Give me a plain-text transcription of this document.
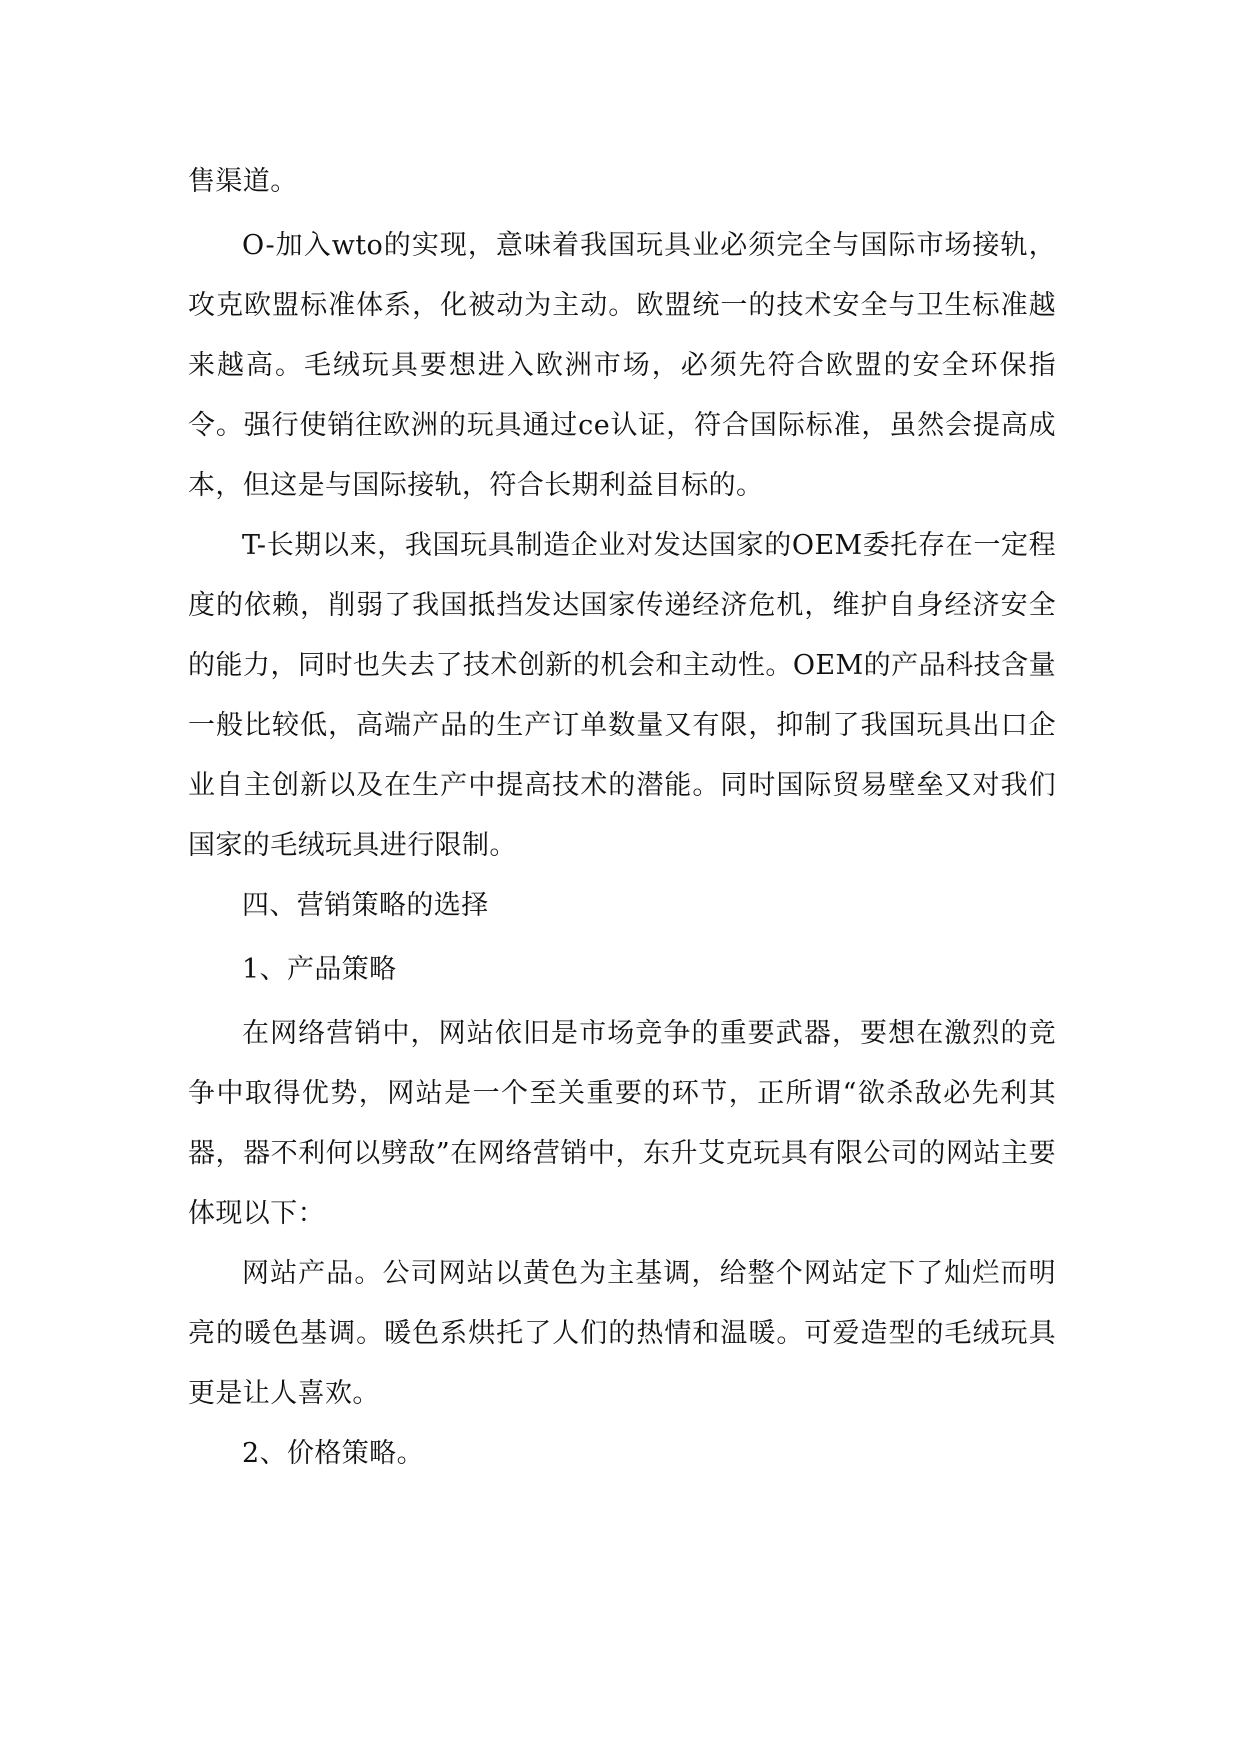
售渠道。

O-加入wto的实现，意味着我国玩具业必须完全与国际市场接轨，攻克欧盟标准体系，化被动为主动。欧盟统一的技术安全与卫生标准越来越高。毛绒玩具要想进入欧洲市场，必须先符合欧盟的安全环保指令。强行使销往欧洲的玩具通过ce认证，符合国际标准，虽然会提高成本，但这是与国际接轨，符合长期利益目标的。

T-长期以来，我国玩具制造企业对发达国家的OEM委托存在一定程度的依赖，削弱了我国抵挡发达国家传递经济危机，维护自身经济安全的能力，同时也失去了技术创新的机会和主动性。OEM的产品科技含量一般比较低，高端产品的生产订单数量又有限，抑制了我国玩具出口企业自主创新以及在生产中提高技术的潜能。同时国际贸易壁垒又对我们国家的毛绒玩具进行限制。

四、营销策略的选择

1、产品策略

在网络营销中，网站依旧是市场竞争的重要武器，要想在激烈的竞争中取得优势，网站是一个至关重要的环节，正所谓“欲杀敌必先利其器，器不利何以劈敌”在网络营销中，东升艾克玩具有限公司的网站主要体现以下：

网站产品。公司网站以黄色为主基调，给整个网站定下了灿烂而明亮的暖色基调。暖色系烘托了人们的热情和温暖。可爱造型的毛绒玩具更是让人喜欢。

2、价格策略。
